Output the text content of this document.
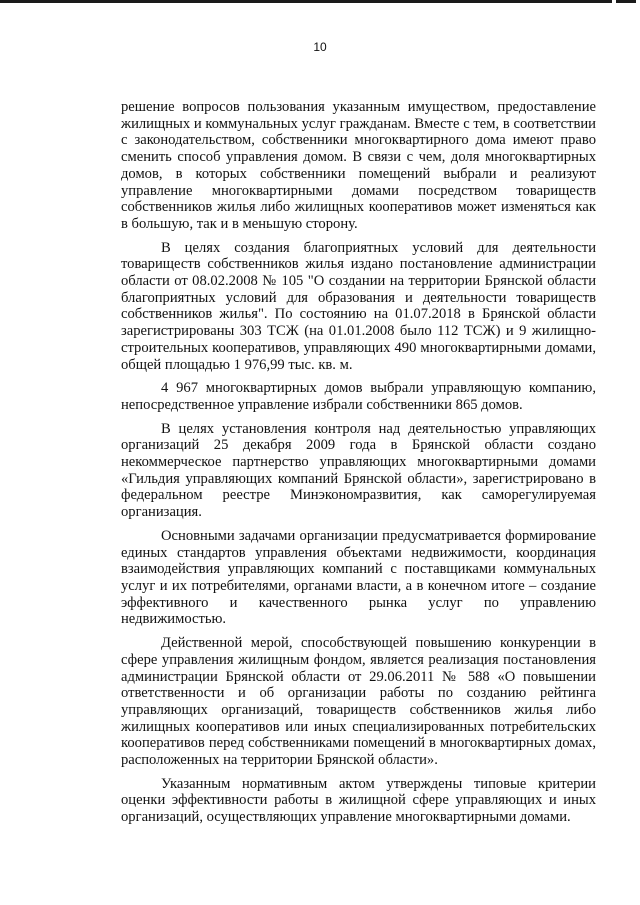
10

решение вопросов пользования указанным имуществом, предоставление жилищных и коммунальных услуг гражданам. Вместе с тем, в соответствии с законодательством, собственники многоквартирного дома имеют право сменить способ управления домом. В связи с чем, доля многоквартирных домов, в которых собственники помещений выбрали и реализуют управление многоквартирными домами посредством товариществ собственников жилья либо жилищных кооперативов может изменяться как в большую, так и в меньшую сторону.

В целях создания благоприятных условий для деятельности товариществ собственников жилья издано постановление администрации области от 08.02.2008 № 105 "О создании на территории Брянской области благоприятных условий для образования и деятельности товариществ собственников жилья". По состоянию на 01.07.2018 в Брянской области зарегистрированы 303 ТСЖ (на 01.01.2008 было 112 ТСЖ) и 9 жилищно-строительных кооперативов, управляющих 490 многоквартирными домами, общей площадью 1 976,99 тыс. кв. м.

4 967 многоквартирных домов выбрали управляющую компанию, непосредственное управление избрали собственники 865 домов.

В целях установления контроля над деятельностью управляющих организаций 25 декабря 2009 года в Брянской области создано некоммерческое партнерство управляющих многоквартирными домами «Гильдия управляющих компаний Брянской области», зарегистрировано в федеральном реестре Минэкономразвития, как саморегулируемая организация.

Основными задачами организации предусматривается формирование единых стандартов управления объектами недвижимости, координация взаимодействия управляющих компаний с поставщиками коммунальных услуг и их потребителями, органами власти, а в конечном итоге – создание эффективного и качественного рынка услуг по управлению недвижимостью.

Действенной мерой, способствующей повышению конкуренции в сфере управления жилищным фондом, является реализация постановления администрации Брянской области от 29.06.2011 № 588 «О повышении ответственности и об организации работы по созданию рейтинга управляющих организаций, товариществ собственников жилья либо жилищных кооперативов или иных специализированных потребительских кооперативов перед собственниками помещений в многоквартирных домах, расположенных на территории Брянской области».

Указанным нормативным актом утверждены типовые критерии оценки эффективности работы в жилищной сфере управляющих и иных организаций, осуществляющих управление многоквартирными домами.
